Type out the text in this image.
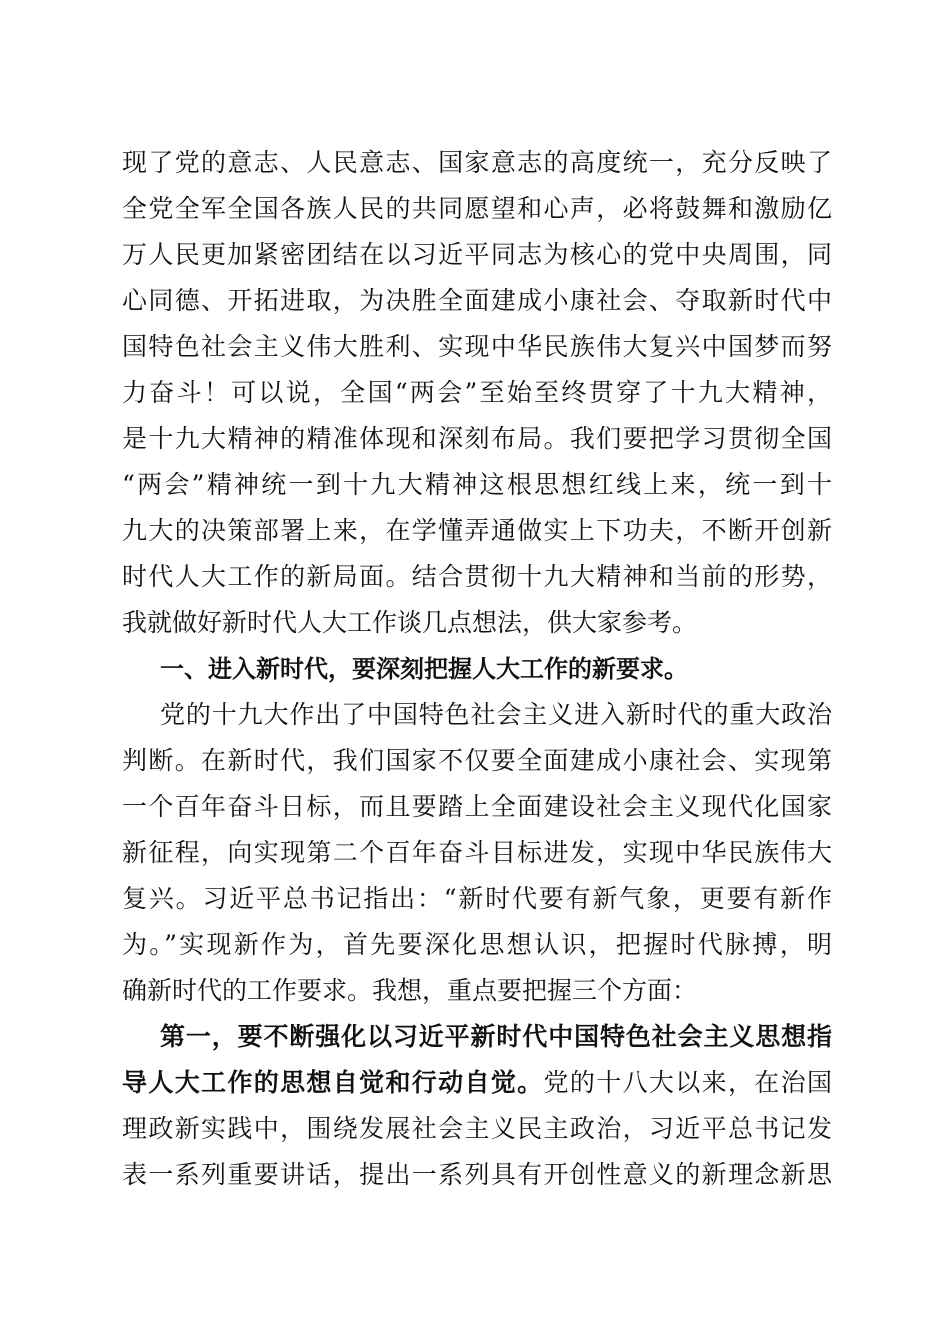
现了党的意志、人民意志、国家意志的高度统一，充分反映了
全党全军全国各族人民的共同愿望和心声，必将鼓舞和激励亿
万人民更加紧密团结在以习近平同志为核心的党中央周围，同
心同德、开拓进取，为决胜全面建成小康社会、夺取新时代中
国特色社会主义伟大胜利、实现中华民族伟大复兴中国梦而努
力奋斗！可以说，全国“两会”至始至终贯穿了十九大精神，
是十九大精神的精准体现和深刻布局。我们要把学习贯彻全国
“两会”精神统一到十九大精神这根思想红线上来，统一到十
九大的决策部署上来，在学懂弄通做实上下功夫，不断开创新
时代人大工作的新局面。结合贯彻十九大精神和当前的形势，
我就做好新时代人大工作谈几点想法，供大家参考。
一、进入新时代，要深刻把握人大工作的新要求。
党的十九大作出了中国特色社会主义进入新时代的重大政治
判断。在新时代，我们国家不仅要全面建成小康社会、实现第
一个百年奋斗日标，而且要踏上全面建设社会主义现代化国家
新征程，向实现第二个百年奋斗目标进发，实现中华民族伟大
复兴。习近平总书记指出：“新时代要有新气象，更要有新作
为。”实现新作为，首先要深化思想认识，把握时代脉搏，明
确新时代的工作要求。我想，重点要把握三个方面：
第一，要不断强化以习近平新时代中国特色社会主义思想指
导人大工作的思想自觉和行动自觉。党的十八大以来，在治国
理政新实践中，围绕发展社会主义民主政治，习近平总书记发
表一系列重要讲话，提出一系列具有开创性意义的新理念新思
